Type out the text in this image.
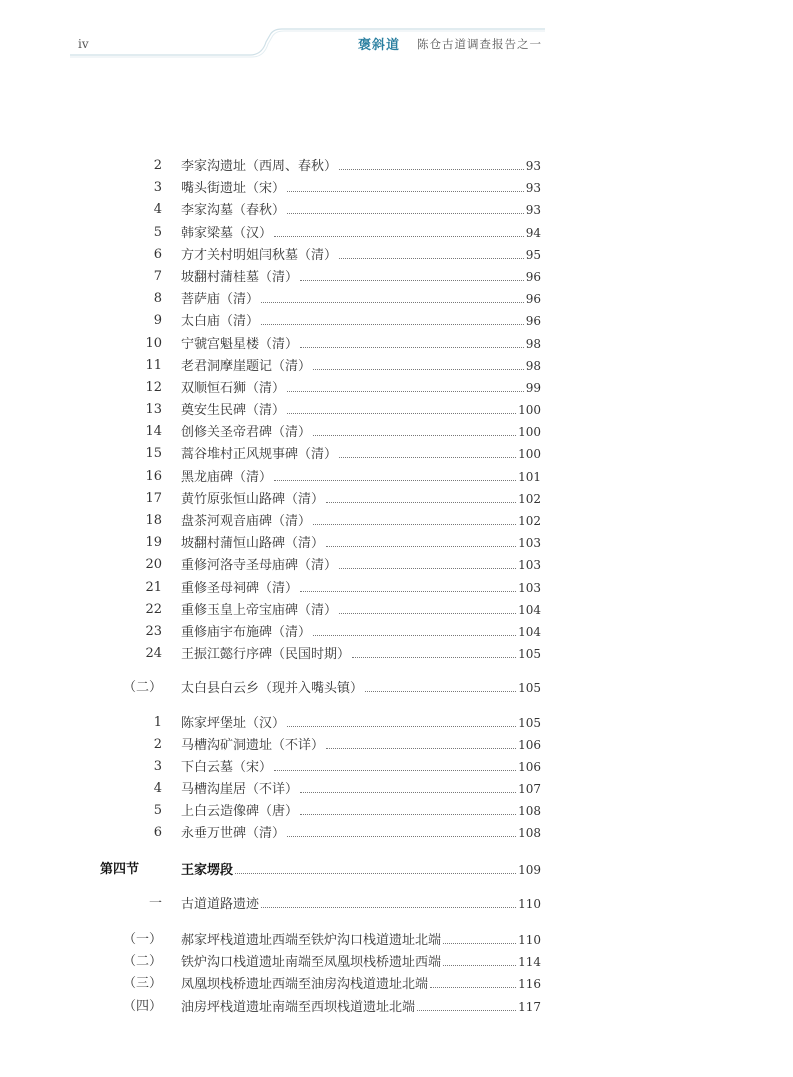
iv	褒斜道 陈仓古道调查报告之一
2 李家沟遗址（西周、春秋）	93
3 嘴头街遗址（宋）	93
4 李家沟墓（春秋）	93
5 韩家梁墓（汉）	94
6 方才关村明姐闫秋墓（清）	95
7 坡翻村蒲桂墓（清）	96
8 菩萨庙（清）	96
9 太白庙（清）	96
10 宁虢宫魁星楼（清）	98
11 老君洞摩崖题记（清）	98
12 双顺恒石狮（清）	99
13 奠安生民碑（清）	100
14 创修关圣帝君碑（清）	100
15 蒿谷堆村正风规事碑（清）	100
16 黑龙庙碑（清）	101
17 黄竹原张恒山路碑（清）	102
18 盘茶河观音庙碑（清）	102
19 坡翻村蒲恒山路碑（清）	103
20 重修河洛寺圣母庙碑（清）	103
21 重修圣母祠碑（清）	103
22 重修玉皇上帝宝庙碑（清）	104
23 重修庙宇布施碑（清）	104
24 王振江懿行序碑（民国时期）	105
（二） 太白县白云乡（现并入嘴头镇）	105
1 陈家坪堡址（汉）	105
2 马槽沟矿洞遗址（不详）	106
3 下白云墓（宋）	106
4 马槽沟崖居（不详）	107
5 上白云造像碑（唐）	108
6 永垂万世碑（清）	108
第四节	王家塄段	109
一 古道道路遗迹	110
（一） 郝家坪栈道遗址西端至铁炉沟口栈道遗址北端	110
（二） 铁炉沟口栈道遗址南端至凤凰坝栈桥遗址西端	114
（三） 凤凰坝栈桥遗址西端至油房沟栈道遗址北端	116
（四） 油房坪栈道遗址南端至西坝栈道遗址北端	117
